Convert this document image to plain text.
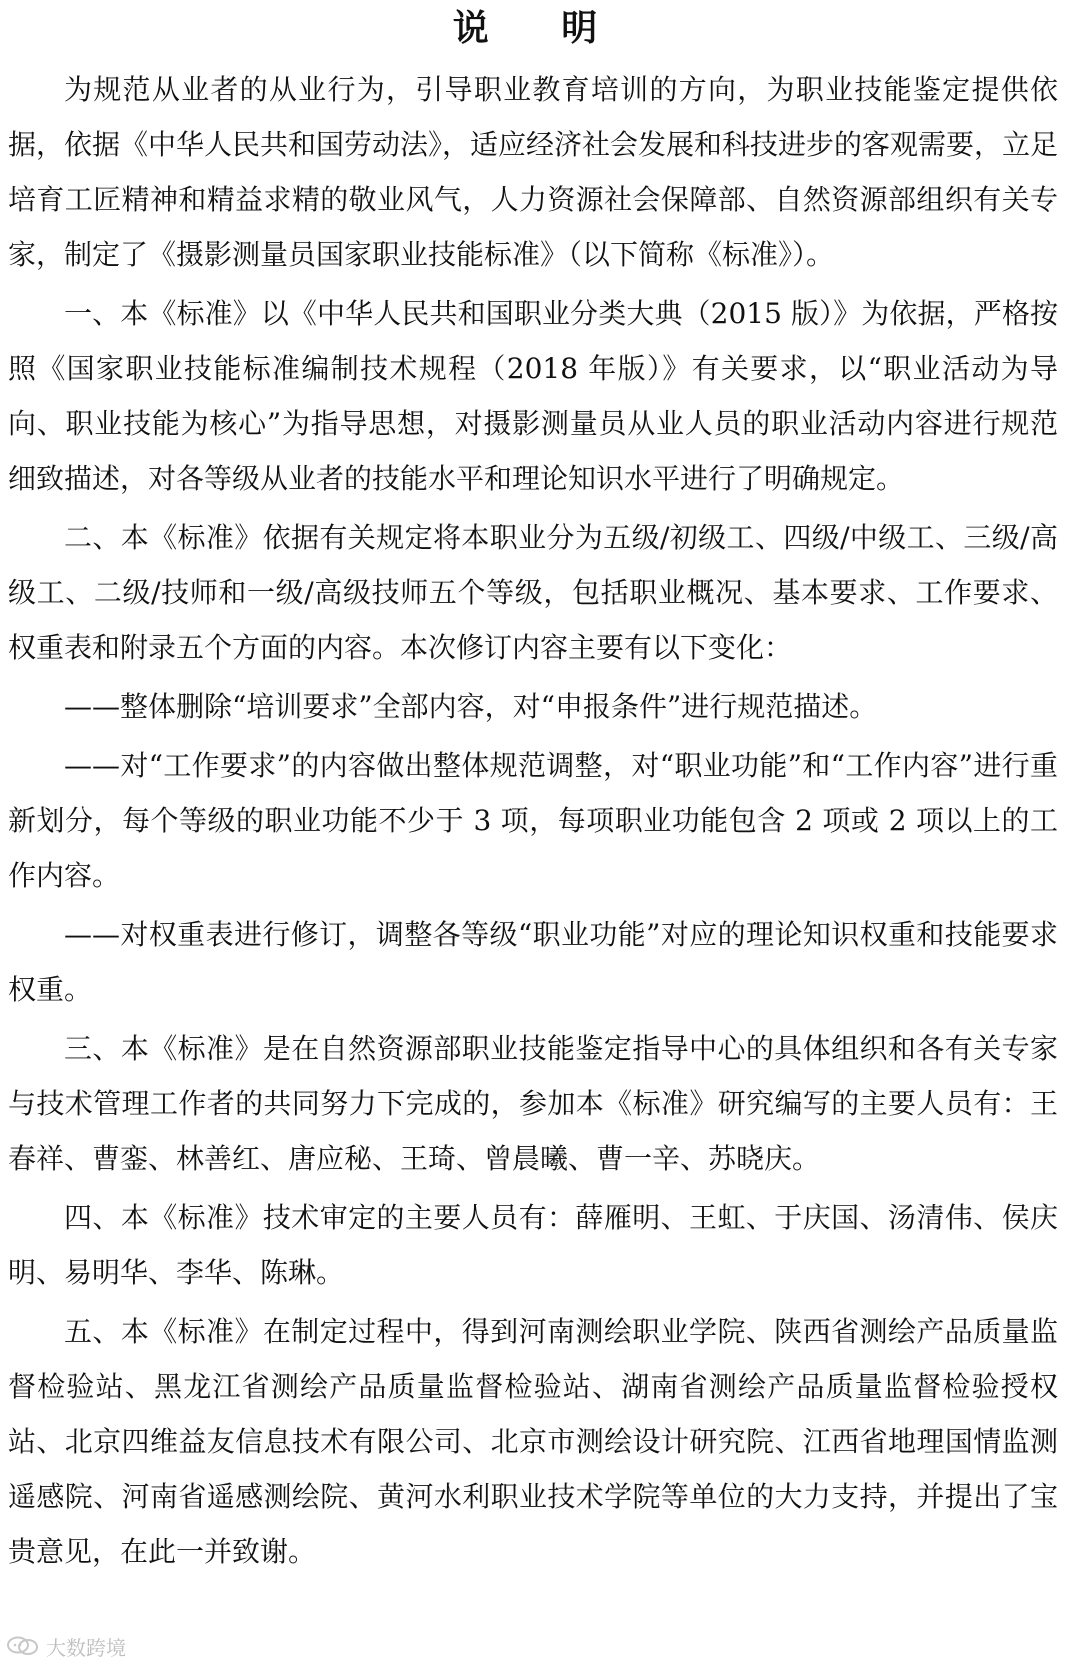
说 明

为规范从业者的从业行为，引导职业教育培训的方向，为职业技能鉴定提供依据，依据《中华人民共和国劳动法》，适应经济社会发展和科技进步的客观需要，立足培育工匠精神和精益求精的敬业风气，人力资源社会保障部、自然资源部组织有关专家，制定了《摄影测量员国家职业技能标准》（以下简称《标准》）。

一、本《标准》以《中华人民共和国职业分类大典（2015 版）》为依据，严格按照《国家职业技能标准编制技术规程（2018 年版）》有关要求，以“职业活动为导向、职业技能为核心”为指导思想，对摄影测量员从业人员的职业活动内容进行规范细致描述，对各等级从业者的技能水平和理论知识水平进行了明确规定。

二、本《标准》依据有关规定将本职业分为五级/初级工、四级/中级工、三级/高级工、二级/技师和一级/高级技师五个等级，包括职业概况、基本要求、工作要求、权重表和附录五个方面的内容。本次修订内容主要有以下变化：

——整体删除“培训要求”全部内容，对“申报条件”进行规范描述。

——对“工作要求”的内容做出整体规范调整，对“职业功能”和“工作内容”进行重新划分，每个等级的职业功能不少于 3 项，每项职业功能包含 2 项或 2 项以上的工作内容。

——对权重表进行修订，调整各等级“职业功能”对应的理论知识权重和技能要求权重。

三、本《标准》是在自然资源部职业技能鉴定指导中心的具体组织和各有关专家与技术管理工作者的共同努力下完成的，参加本《标准》研究编写的主要人员有：王春祥、曹銮、林善红、唐应秘、王琦、曾晨曦、曹一辛、苏晓庆。

四、本《标准》技术审定的主要人员有：薛雁明、王虹、于庆国、汤清伟、侯庆明、易明华、李华、陈琳。

五、本《标准》在制定过程中，得到河南测绘职业学院、陕西省测绘产品质量监督检验站、黑龙江省测绘产品质量监督检验站、湖南省测绘产品质量监督检验授权站、北京四维益友信息技术有限公司、北京市测绘设计研究院、江西省地理国情监测遥感院、河南省遥感测绘院、黄河水利职业技术学院等单位的大力支持，并提出了宝贵意见，在此一并致谢。

大数跨境
